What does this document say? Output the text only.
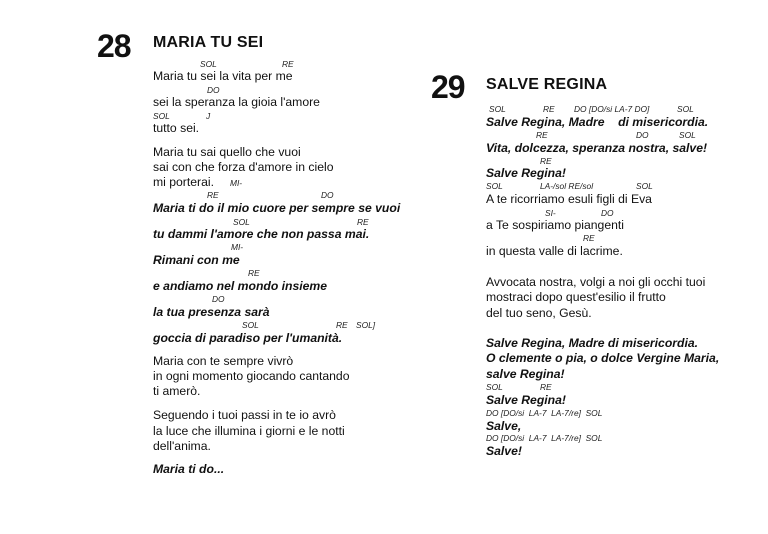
28 MARIA TU SEI
SOL	RE
Maria tu sei la vita per me
DO
sei la speranza la gioia l'amore
SOL	J
tutto sei.
Maria tu sai quello che vuoi
sai con che forza d'amore in cielo
mi porterai. MI-
RE	DO
Maria ti do il mio cuore per sempre se vuoi
SOL	RE
tu dammi l'amore che non passa mai.
MI-
Rimani con me
RE
e andiamo nel mondo insieme
DO
la tua presenza sarà
SOL	RE SOL]
goccia di paradiso per l'umanità.
Maria con te sempre vivrò
in ogni momento giocando cantando
ti amerò.
Seguendo i tuoi passi in te io avrò
la luce che illumina i giorni e le notti
dell'anima.
Maria ti do...
29 SALVE REGINA
SOL	RE DO [DO/si LA-7 DO]	SOL
Salve Regina, Madre    di misericordia.
RE	DO	SOL
Vita, dolcezza, speranza nostra, salve!
RE
Salve Regina!
SOL	LA-/sol RE/sol	SOL
A te ricorriamo esuli figli di Eva
SI-	DO
a Te sospiriamo piangenti
RE
in questa valle di lacrime.
Avvocata nostra, volgi a noi gli occhi tuoi
mostraci dopo quest'esilio il frutto
del tuo seno, Gesù.
Salve Regina, Madre di misericordia.
O clemente o pia, o dolce Vergine Maria,
salve Regina!
SOL	RE
Salve Regina!
DO [DO/si  LA-7  LA-7/re]  SOL
Salve,
DO [DO/si  LA-7  LA-7/re]  SOL
Salve!
